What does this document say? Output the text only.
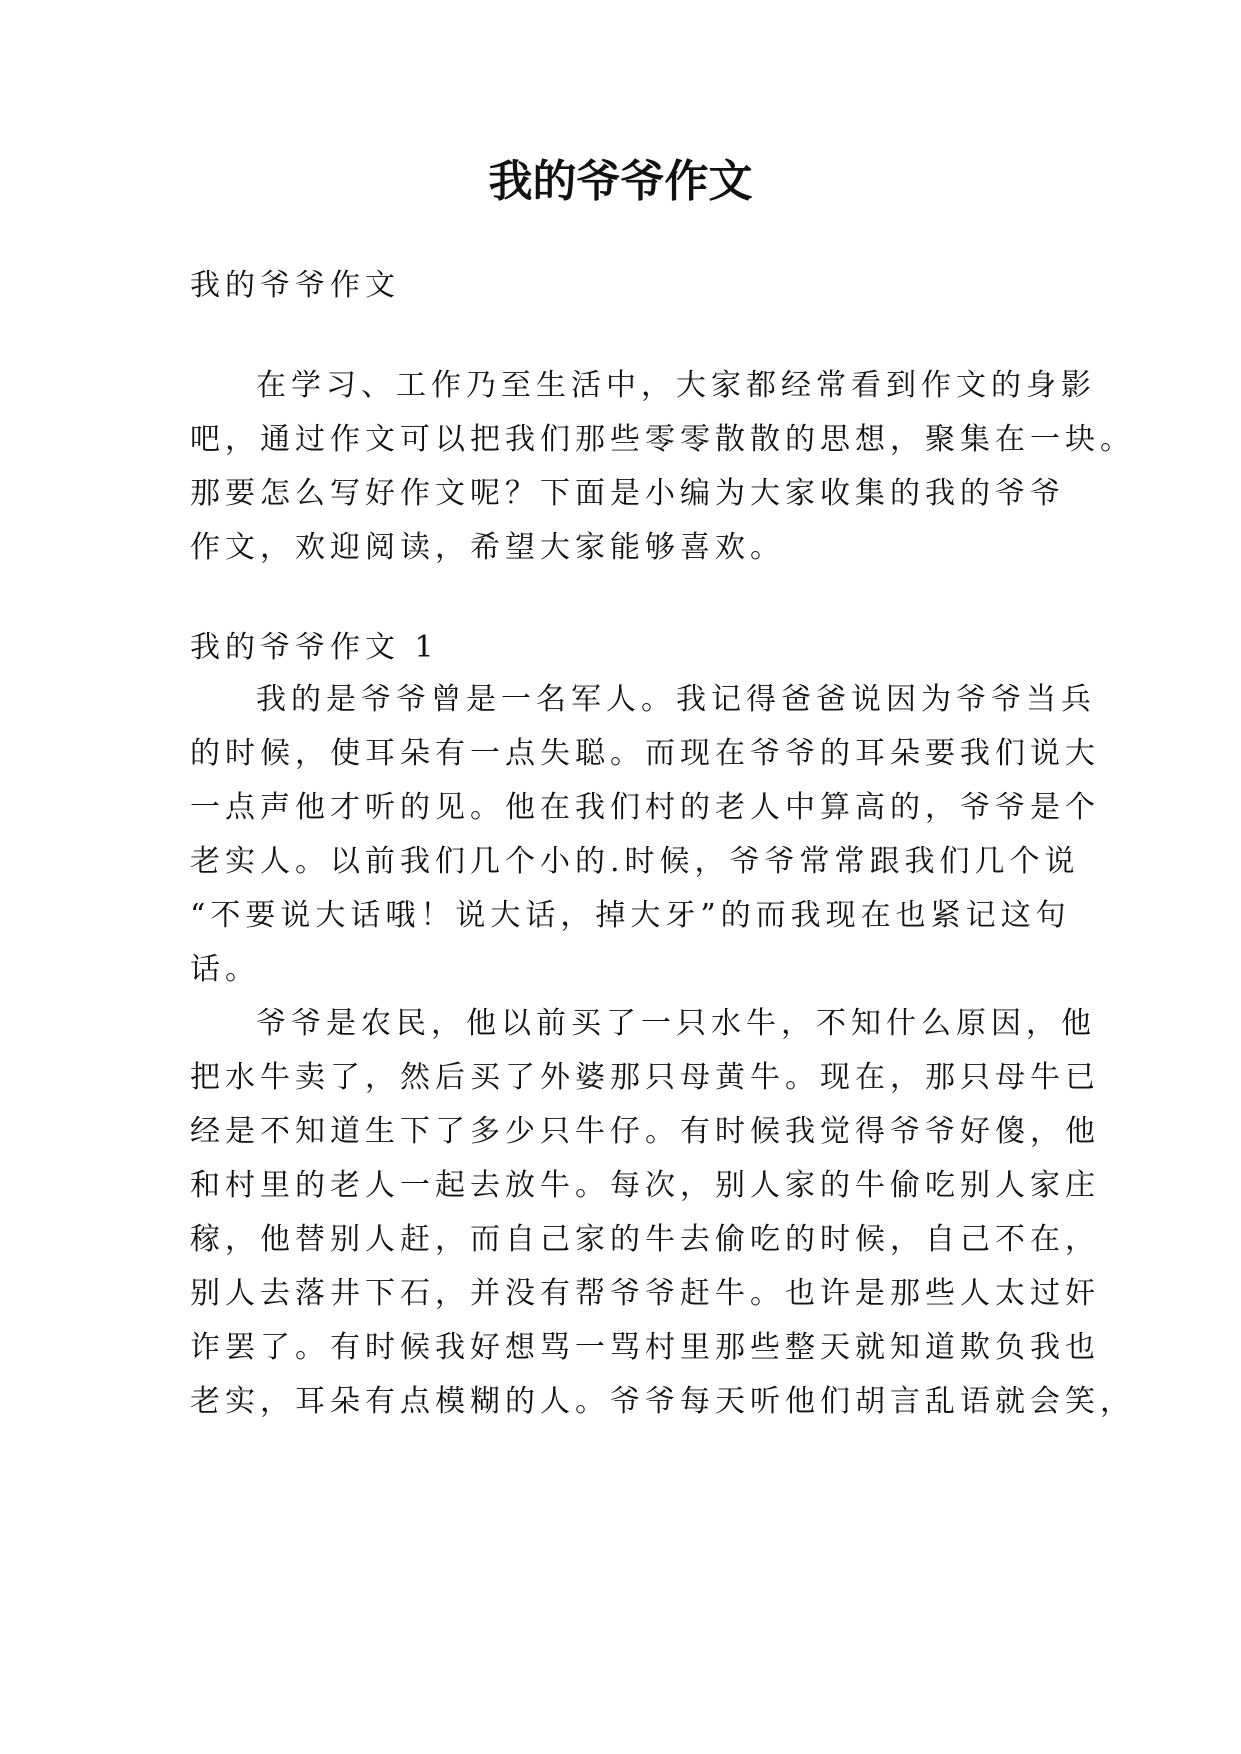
我的爷爷作文
我的爷爷作文
在学习、工作乃至生活中，大家都经常看到作文的身影
吧，通过作文可以把我们那些零零散散的思想，聚集在一块。
那要怎么写好作文呢？下面是小编为大家收集的我的爷爷
作文，欢迎阅读，希望大家能够喜欢。
我的爷爷作文 1
我的是爷爷曾是一名军人。我记得爸爸说因为爷爷当兵
的时候，使耳朵有一点失聪。而现在爷爷的耳朵要我们说大
一点声他才听的见。他在我们村的老人中算高的，爷爷是个
老实人。以前我们几个小的.时候，爷爷常常跟我们几个说
“不要说大话哦！说大话，掉大牙”的而我现在也紧记这句
话。
爷爷是农民，他以前买了一只水牛，不知什么原因，他
把水牛卖了，然后买了外婆那只母黄牛。现在，那只母牛已
经是不知道生下了多少只牛仔。有时候我觉得爷爷好傻，他
和村里的老人一起去放牛。每次，别人家的牛偷吃别人家庄
稼，他替别人赶，而自己家的牛去偷吃的时候，自己不在，
别人去落井下石，并没有帮爷爷赶牛。也许是那些人太过奸
诈罢了。有时候我好想骂一骂村里那些整天就知道欺负我也
老实，耳朵有点模糊的人。爷爷每天听他们胡言乱语就会笑，
